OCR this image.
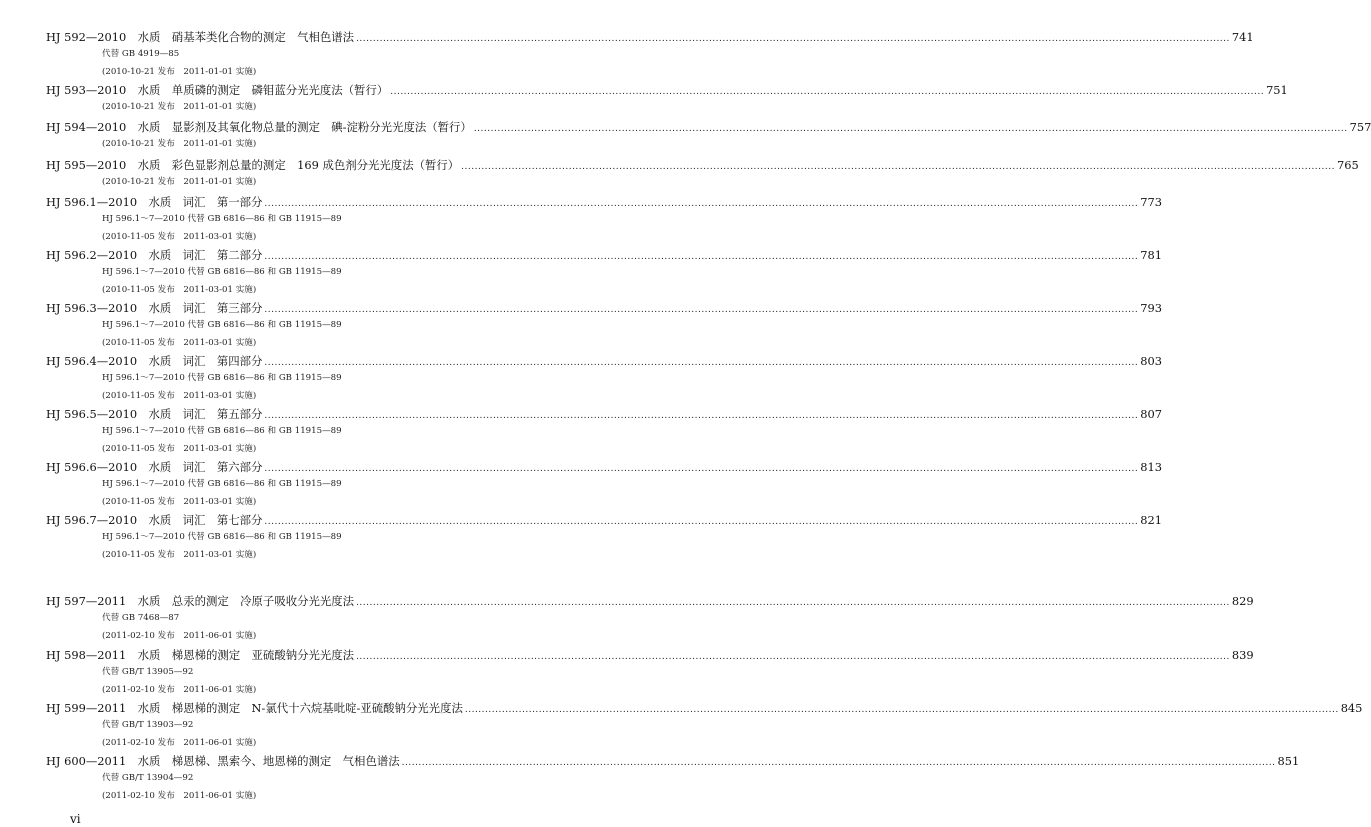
HJ 592—2010　水质　硝基苯类化合物的测定　气相色谱法 .................................................................................................................................................................................................................................................................... 741
代替 GB 4919—85
(2010-10-21 发布　2011-01-01 实施)
HJ 593—2010　水质　单质磷的测定　磷钼蓝分光光度法（暂行） .................................................................................................................................................................................................................................................................... 751
(2010-10-21 发布　2011-01-01 实施)
HJ 594—2010　水质　显影剂及其氧化物总量的测定　碘-淀粉分光光度法（暂行） .................................................................................................................................................................................................................................................................... 757
(2010-10-21 发布　2011-01-01 实施)
HJ 595—2010　水质　彩色显影剂总量的测定　169 成色剂分光光度法（暂行） .................................................................................................................................................................................................................................................................... 765
(2010-10-21 发布　2011-01-01 实施)
HJ 596.1—2010　水质　词汇　第一部分 .................................................................................................................................................................................................................................................................... 773
HJ 596.1～7—2010 代替 GB 6816—86 和 GB 11915—89
(2010-11-05 发布　2011-03-01 实施)
HJ 596.2—2010　水质　词汇　第二部分 .................................................................................................................................................................................................................................................................... 781
HJ 596.1～7—2010 代替 GB 6816—86 和 GB 11915—89
(2010-11-05 发布　2011-03-01 实施)
HJ 596.3—2010　水质　词汇　第三部分 .................................................................................................................................................................................................................................................................... 793
HJ 596.1～7—2010 代替 GB 6816—86 和 GB 11915—89
(2010-11-05 发布　2011-03-01 实施)
HJ 596.4—2010　水质　词汇　第四部分 .................................................................................................................................................................................................................................................................... 803
HJ 596.1～7—2010 代替 GB 6816—86 和 GB 11915—89
(2010-11-05 发布　2011-03-01 实施)
HJ 596.5—2010　水质　词汇　第五部分 .................................................................................................................................................................................................................................................................... 807
HJ 596.1～7—2010 代替 GB 6816—86 和 GB 11915—89
(2010-11-05 发布　2011-03-01 实施)
HJ 596.6—2010　水质　词汇　第六部分 .................................................................................................................................................................................................................................................................... 813
HJ 596.1～7—2010 代替 GB 6816—86 和 GB 11915—89
(2010-11-05 发布　2011-03-01 实施)
HJ 596.7—2010　水质　词汇　第七部分 .................................................................................................................................................................................................................................................................... 821
HJ 596.1～7—2010 代替 GB 6816—86 和 GB 11915—89
(2010-11-05 发布　2011-03-01 实施)
HJ 597—2011　水质　总汞的测定　冷原子吸收分光光度法 .................................................................................................................................................................................................................................................................... 829
代替 GB 7468—87
(2011-02-10 发布　2011-06-01 实施)
HJ 598—2011　水质　梯恩梯的测定　亚硫酸钠分光光度法 .................................................................................................................................................................................................................................................................... 839
代替 GB/T 13905—92
(2011-02-10 发布　2011-06-01 实施)
HJ 599—2011　水质　梯恩梯的测定　N-氯代十六烷基吡啶-亚硫酸钠分光光度法 .................................................................................................................................................................................................................................................................... 845
代替 GB/T 13903—92
(2011-02-10 发布　2011-06-01 实施)
HJ 600—2011　水质　梯恩梯、黑索今、地恩梯的测定　气相色谱法 .................................................................................................................................................................................................................................................................... 851
代替 GB/T 13904—92
(2011-02-10 发布　2011-06-01 实施)
vi
